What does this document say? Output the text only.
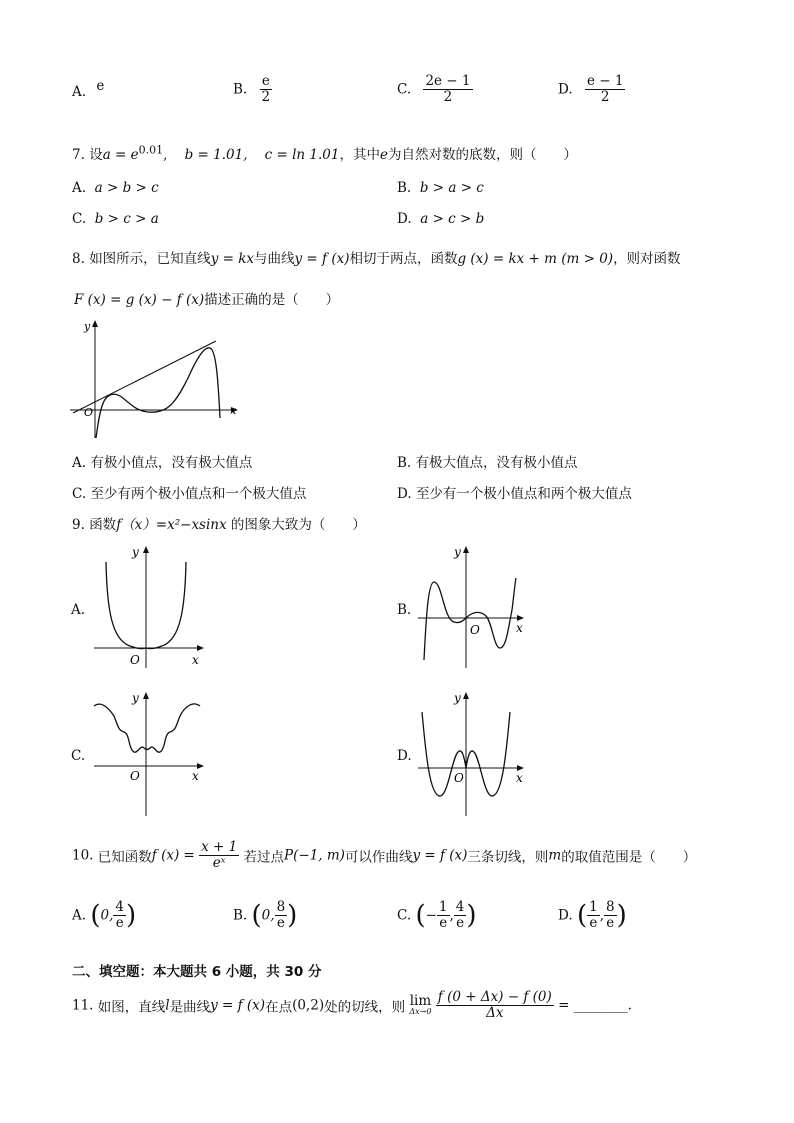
A. e	B. $\frac{e}{2}$	C. $\frac{2e - 1}{2}$	D. $\frac{e - 1}{2}$
7. 设$a = e^{0.01}$,    b = 1.01, c = ln 1.01，其中e为自然对数的底数，则（　　）
A. a > b > c	B. b > a > c
C. b > c > a	D. a > c > b
8. 如图所示，已知直线y = kx与曲线y = f (x)相切于两点，函数g (x) = kx + m (m > 0)，则对函数
F (x) = g (x) − f (x)描述正确的是（　　）
y
x
O
A. 有极小值点，没有极大值点	B. 有极大值点，没有极小值点
C. 至少有两个极小值点和一个极大值点	D. 至少有一个极小值点和两个极大值点
9. 函数f（x）=x²−xsinx 的图象大致为（　　）
A.
y
x
O
B.
y
x
O
C.
y
x
O
D.
y
x
O
10. 已知函数f $(x) = \frac{x + 1}{\text{eˣ}}$ 若过点P(−1, m)可以作曲线y = f (x)三条切线，则m的取值范围是（　　）
A. (0, $\frac{4}{e}$ )	B. (0, $\frac{8}{e}$ )	C. (− $\frac{1}{e}$ , $\frac{4}{e}$ )	D. ( $\frac{1}{e}$ , $\frac{8}{e}$ )
二、填空题：本大题共 6 小题，共 30 分
11. 如图，直线l是曲线y = f (x)在点(0,2)处的切线，则 lim
Δx→0
$\frac{f (0 + \Delta x) - f (0)}{\Delta x}$ = ________.
